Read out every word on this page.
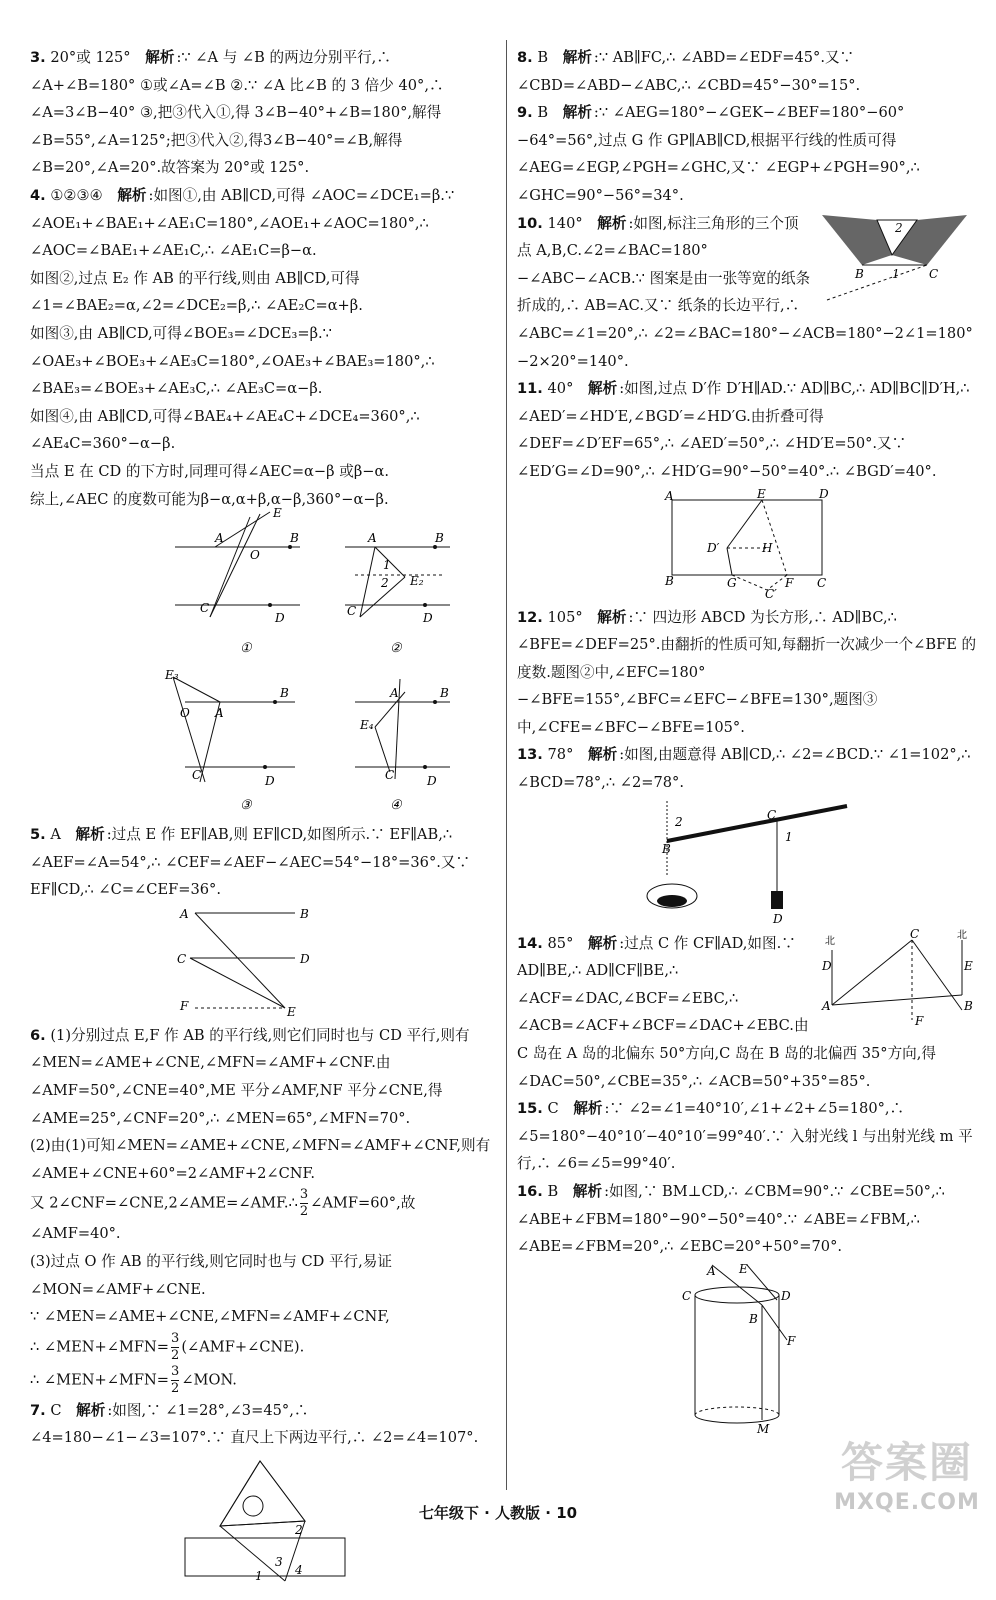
3. 20°或 125° 解析 :∵ ∠A 与 ∠B 的两边分别平行,∴ ∠A+∠B=180° ①或∠A=∠B ②.∵ ∠A 比∠B 的 3 倍少 40°,∴ ∠A=3∠B−40° ③,把③代入①,得 3∠B−40°+∠B=180°,解得∠B=55°,∠A=125°;把③代入②,得3∠B−40°=∠B,解得∠B=20°,∠A=20°.故答案为 20°或 125°.

4. ①②③④ 解析 :如图①,由 AB∥CD,可得 ∠AOC=∠DCE₁=β.∵ ∠AOE₁+∠BAE₁+∠AE₁C=180°,∠AOE₁+∠AOC=180°,∴ ∠AOC=∠BAE₁+∠AE₁C,∴ ∠AE₁C=β−α.

如图②,过点 E₂ 作 AB 的平行线,则由 AB∥CD,可得∠1=∠BAE₂=α,∠2=∠DCE₂=β,∴ ∠AE₂C=α+β.

如图③,由 AB∥CD,可得∠BOE₃=∠DCE₃=β.∵ ∠OAE₃+∠BOE₃+∠AE₃C=180°,∠OAE₃+∠BAE₃=180°,∴ ∠BAE₃=∠BOE₃+∠AE₃C,∴ ∠AE₃C=α−β.

如图④,由 AB∥CD,可得∠BAE₄+∠AE₄C+∠DCE₄=360°,∴ ∠AE₄C=360°−α−β.

当点 E 在 CD 的下方时,同理可得∠AEC=α−β 或β−α.

综上,∠AEC 的度数可能为β−α,α+β,α−β,360°−α−β.

A	B
C
D
O
E
A	B
C	D
E₂
1
2
①	②
E₃
O A
B
C	D
A	B
E₄
C	D
③	④

5. A 解析 :过点 E 作 EF∥AB,则 EF∥CD,如图所示.∵ EF∥AB,∴ ∠AEF=∠A=54°,∴ ∠CEF=∠AEF−∠AEC=54°−18°=36°.又∵ EF∥CD,∴ ∠C=∠CEF=36°.

A	B
C	D
F	E

6. (1)分别过点 E,F 作 AB 的平行线,则它们同时也与 CD 平行,则有∠MEN=∠AME+∠CNE,∠MFN=∠AMF+∠CNF.由∠AMF=50°,∠CNE=40°,ME 平分∠AMF,NF 平分∠CNE,得∠AME=25°,∠CNF=20°,∴ ∠MEN=65°,∠MFN=70°.

(2)由(1)可知∠MEN=∠AME+∠CNE,∠MFN=∠AMF+∠CNF,则有∠AME+∠CNE+60°=2∠AMF+2∠CNF.

又 2∠CNF=∠CNE,2∠AME=∠AMF.∴ $\frac{3}{2}$ ∠AMF=60°,故

∠AMF=40°.

(3)过点 O 作 AB 的平行线,则它同时也与 CD 平行,易证∠MON=∠AMF+∠CNE.

∵ ∠MEN=∠AME+∠CNE,∠MFN=∠AMF+∠CNF,

∴ ∠MEN+∠MFN= $\frac{3}{2}$ (∠AMF+∠CNE).

∴ ∠MEN+∠MFN= $\frac{3}{2}$ ∠MON.

7. C 解析 :如图,∵ ∠1=28°,∠3=45°,∴ ∠4=180−∠1−∠3=107°.∵ 直尺上下两边平行,∴ ∠2=∠4=107°.

2
3
4
1

8. B 解析 :∵ AB∥FC,∴ ∠ABD=∠EDF=45°.又∵ ∠CBD=∠ABD−∠ABC,∴ ∠CBD=45°−30°=15°.

9. B 解析 :∵ ∠AEG=180°−∠GEK−∠BEF=180°−60°−64°=56°,过点 G 作 GP∥AB∥CD,根据平行线的性质可得∠AEG=∠EGP,∠PGH=∠GHC,又∵ ∠EGP+∠PGH=90°,∴ ∠GHC=90°−56°=34°.

2
B 1 C

10. 140° 解析 :如图,标注三角形的三个顶点 A,B,C.∠2=∠BAC=180°−∠ABC−∠ACB.∵ 图案是由一张等宽的纸条折成的,∴ AB=AC.又∵ 纸条的长边平行,∴ ∠ABC=∠1=20°,∴ ∠2=∠BAC=180°−∠ACB=180°−2∠1=180°−2×20°=140°.

11. 40° 解析 :如图,过点 D′作 D′H∥AD.∵ AD∥BC,∴ AD∥BC∥D′H,∴ ∠AED′=∠HD′E,∠BGD′=∠HD′G.由折叠可得∠DEF=∠D′EF=65°,∴ ∠AED′=50°,∴ ∠HD′E=50°.又∵ ∠ED′G=∠D=90°,∴ ∠HD′G=90°−50°=40°.∴ ∠BGD′=40°.

A	E	D
D′	H
B	G	F C
C′

12. 105° 解析 :∵ 四边形 ABCD 为长方形,∴ AD∥BC,∴ ∠BFE=∠DEF=25°.由翻折的性质可知,每翻折一次减少一个∠BFE 的度数.题图②中,∠EFC=180°−∠BFE=155°,∠BFC=∠EFC−∠BFE=130°,题图③中,∠CFE=∠BFC−∠BFE=105°.

13. 78° 解析 :如图,由题意得 AB∥CD,∴ ∠2=∠BCD.∵ ∠1=102°,∴ ∠BCD=78°,∴ ∠2=78°.

2
B
C
1
D
A
C
B
D	E
F
北
北

14. 85° 解析 :过点 C 作 CF∥AD,如图.∵ AD∥BE,∴ AD∥CF∥BE,∴ ∠ACF=∠DAC,∠BCF=∠EBC,∴ ∠ACB=∠ACF+∠BCF=∠DAC+∠EBC.由 C 岛在 A 岛的北偏东 50°方向,C 岛在 B 岛的北偏西 35°方向,得∠DAC=50°,∠CBE=35°,∴ ∠ACB=50°+35°=85°.

15. C 解析 :∵ ∠2=∠1=40°10′,∠1+∠2+∠5=180°,∴ ∠5=180°−40°10′−40°10′=99°40′.∵ 入射光线 l 与出射光线 m 平行,∴ ∠6=∠5=99°40′.

16. B 解析 :如图,∵ BM⊥CD,∴ ∠CBM=90°.∵ ∠CBE=50°,∴ ∠ABE+∠FBM=180°−90°−50°=40°.∵ ∠ABE=∠FBM,∴ ∠ABE=∠FBM=20°,∴ ∠EBC=20°+50°=70°.

A E
C	D
B
F
M
七年级下 · 人教版 · 10
答案圈
MXQE.COM
